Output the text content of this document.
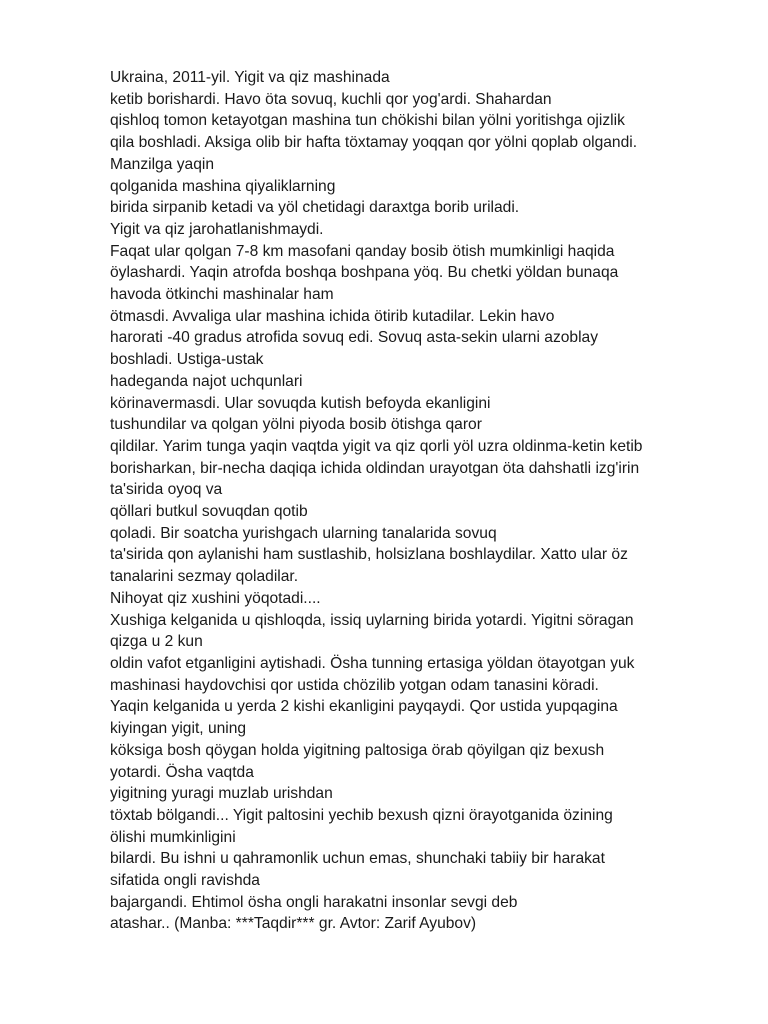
Ukraina, 2011-yil. Yigit va qiz mashinada
ketib borishardi. Havo öta sovuq, kuchli qor yog'ardi. Shahardan
qishloq tomon ketayotgan mashina tun chökishi bilan yölni yoritishga ojizlik
qila boshladi. Aksiga olib bir hafta töxtamay yoqqan qor yölni qoplab olgandi.
Manzilga yaqin
qolganida mashina qiyaliklarning
birida sirpanib ketadi va yöl chetidagi daraxtga borib uriladi.
Yigit va qiz jarohatlanishmaydi.
Faqat ular qolgan 7-8 km masofani qanday bosib ötish mumkinligi haqida
öylashardi. Yaqin atrofda boshqa boshpana yöq. Bu chetki yöldan bunaqa
havoda ötkinchi mashinalar ham
ötmasdi. Avvaliga ular mashina ichida ötirib kutadilar. Lekin havo
harorati -40 gradus atrofida sovuq edi. Sovuq asta-sekin ularni azoblay
boshladi. Ustiga-ustak
hadeganda najot uchqunlari
körinavermasdi. Ular sovuqda kutish befoyda ekanligini
tushundilar va qolgan yölni piyoda bosib ötishga qaror
qildilar. Yarim tunga yaqin vaqtda yigit va qiz qorli yöl uzra oldinma-ketin ketib
borisharkan, bir-necha daqiqa ichida oldindan urayotgan öta dahshatli izg'irin
ta'sirida oyoq va
qöllari butkul sovuqdan qotib
qoladi. Bir soatcha yurishgach ularning tanalarida sovuq
ta'sirida qon aylanishi ham sustlashib, holsizlana boshlaydilar. Xatto ular öz
tanalarini sezmay qoladilar.
Nihoyat qiz xushini yöqotadi....
Xushiga kelganida u qishloqda, issiq uylarning birida yotardi. Yigitni söragan
qizga u 2 kun
oldin vafot etganligini aytishadi. Ösha tunning ertasiga yöldan ötayotgan yuk
mashinasi haydovchisi qor ustida chözilib yotgan odam tanasini köradi.
Yaqin kelganida u yerda 2 kishi ekanligini payqaydi. Qor ustida yupqagina
kiyingan yigit, uning
köksiga bosh qöygan holda yigitning paltosiga örab qöyilgan qiz bexush
yotardi. Ösha vaqtda
yigitning yuragi muzlab urishdan
töxtab bölgandi... Yigit paltosini yechib bexush qizni örayotganida özining
ölishi mumkinligini
bilardi. Bu ishni u qahramonlik uchun emas, shunchaki tabiiy bir harakat
sifatida ongli ravishda
bajargandi. Ehtimol ösha ongli harakatni insonlar sevgi deb
atashar.. (Manba: ***Taqdir*** gr. Avtor: Zarif Ayubov)
